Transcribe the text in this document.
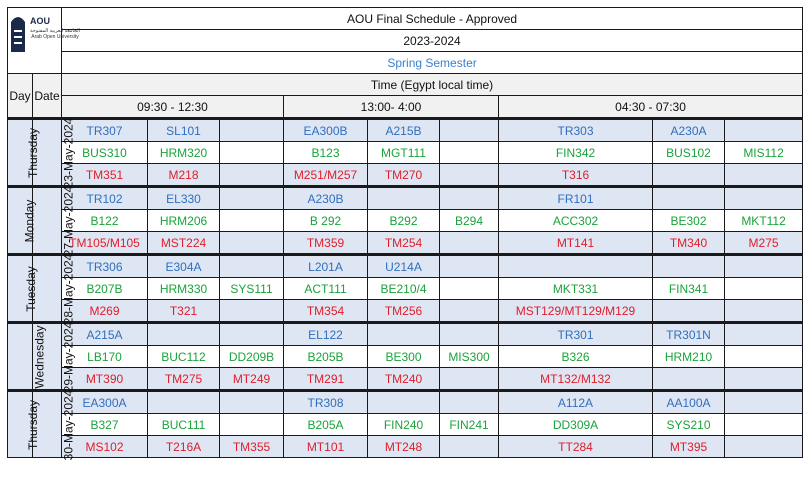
AOU
الجامعة العربية المفتوحة
Arab Open University		AOU Final Schedule - Approved								
		2023-2024								
		Spring Semester								
Day	Date	Time (Egypt local time)								
		09:30 - 12:30			13:00- 4:00			04:30 - 07:30		
Thursday	23-May-2024	TR307	SL101		EA300B	A215B		TR303	A230A	
		BUS310	HRM320		B123	MGT111		FIN342	BUS102	MIS112
		TM351	M218		M251/M257	TM270		T316		
Monday	27-May-2024	TR102	EL330		A230B			FR101		
		B122	HRM206		B 292	B292	B294	ACC302	BE302	MKT112
		TM105/M105	MST224		TM359	TM254		MT141	TM340	M275
Tuesday	28-May-2024	TR306	E304A		L201A	U214A				
		B207B	HRM330	SYS111	ACT111	BE210/4		MKT331	FIN341	
		M269	T321		TM354	TM256		MST129/MT129/M129		
Wednesday	29-May-2024	A215A			EL122			TR301	TR301N	
		LB170	BUC112	DD209B	B205B	BE300	MIS300	B326	HRM210	
		MT390	TM275	MT249	TM291	TM240		MT132/M132		
Thursday	30-May-2024	EA300A			TR308			A112A	AA100A	
		B327	BUC111		B205A	FIN240	FIN241	DD309A	SYS210	
		MS102	T216A	TM355	MT101	MT248		TT284	MT395	
